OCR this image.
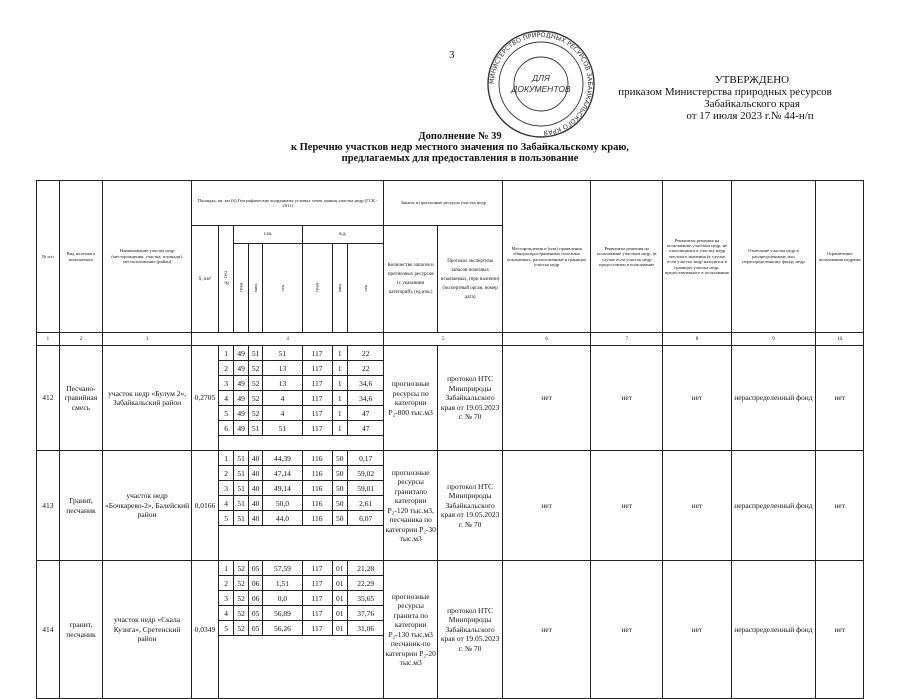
3
МИНИСТЕРСТВО ПРИРОДНЫХ РЕСУРСОВ ЗАБАЙКАЛЬСКОГО КРАЯ
ДЛЯ
ДОКУМЕНТОВ
УТВЕРЖДЕНО
приказом Министерства природных ресурсов
Забайкальского края
от 17 июля 2023 г.№ 44-н/п
Дополнение № 39
к Перечню участков недр местного значения по Забайкальскому краю,
предлагаемых для предоставления в пользование
№ п/п	Вид полезного ископаемого	Наименование участка недр (месторождения, участка, площади), местоположение (район)	Площадь, кв. км (S) Географические координаты угловых точек границ участка недр (ГСК - 2011)								Запасы и прогнозные ресурсы участка недр		Месторождения и (или) проявления общераспространенных полезных ископаемых, расположенные в границах участка недр	Реквизиты решения на пользование участком недр, (в случае если участок недр предоставлен в пользование	Реквизиты решения на пользование участком недр, не относящимся к участку недр местного значения (в случае если участок недр находится в границах участка недр, предоставленного в пользование	Отнесение участка недр к распределенному или нераспределенному фонду недр	Ограничение пользования недрами
			S, км²	№ точ.	с.ш.			в.д.			Количество запасов и прогнозных ресурсов (с указанием категорий), (ед.изм.)	Протокол экспертизы запасов полезных ископаемых, (при наличии) (экспертный орган, номер дата)					
					град.	мин.	сек.	град.	мин.	сек.							
1	2	3	4								5		6	7	8	9	10
412	Песчано-гравийная смесь	участок недр «Булум 2», Забайкальский район	0,2705	1	49	51	51	117	1	22	прогнозные ресурсы по категории P₂-800 тыс.м3	протокол НТС Минприроды Забайкальского края от 19.05.2023 г. № 70	нет	нет	нет	нераспределенный фонд	нет
				2	49	52	13	117	1	22							
				3	49	52	13	117	1	34,6							
				4	49	52	4	117	1	34,6							
				5	49	52	4	117	1	47							
				6	49	51	51	117	1	47							

413	Гранит, песчаник	участок недр «Бочкарево-2», Балейский район	0,0166	1	51	40	44,39	116	50	0,17	прогнозные ресурсы гранитапо категории P₂-120 тыс.м3, песчаника по категории P₂-30 тыс.м3	протокол НТС Минприроды Забайкальского края от 19.05.2023 г. № 70	нет	нет	нет	нераспределенный фонд	нет
				2	51	40	47,14	116	50	59,02							
				3	51	40	49,14	116	50	59,01							
				4	51	40	50,0	116	50	2,61							
				5	51	40	44,0	116	50	6,07							

414	гранит, песчаник	участок недр «Скала Кузнга», Сретенский район	0,0349	1	52	05	57,59	117	01	21,28	прогнозные ресурсы гранита по категории P₂-130 тыс.м3 песчаник-по категории P₂-20 тыс.м3	протокол НТС Минприроды Забайкальского края от 19.05.2023 г. № 70	нет	нет	нет	нераспределенный фонд	нет
				2	52	06	1,51	117	01	22,29							
				3	52	06	0,0	117	01	35,65							
				4	52	05	56,89	117	01	37,76							
				5	52	05	56,26	117	01	31,06							
